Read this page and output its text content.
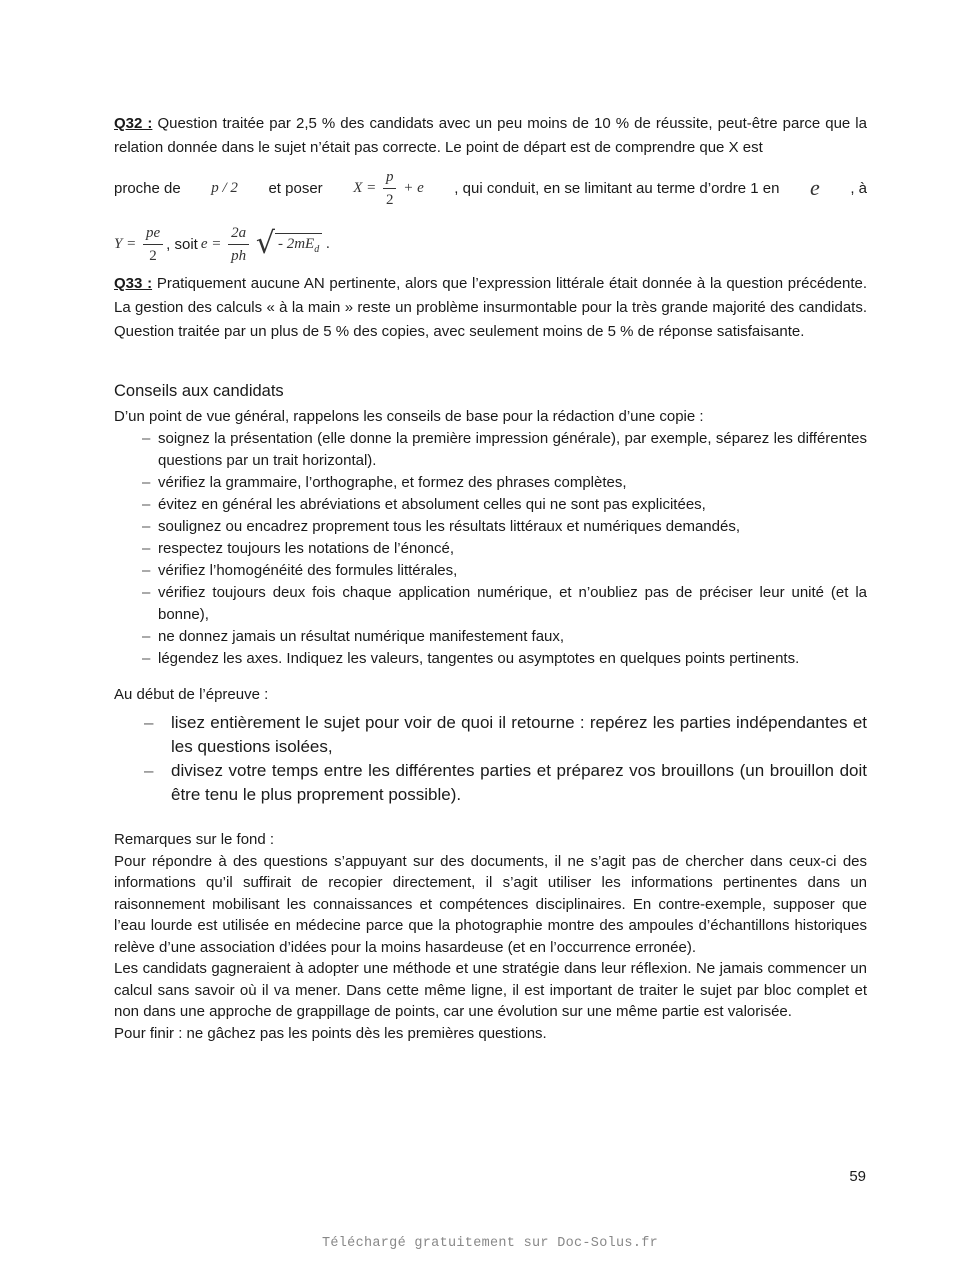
Q32 : Question traitée par 2,5 % des candidats avec un peu moins de 10 % de réussite, peut-être parce que la relation donnée dans le sujet n’était pas correcte. Le point de départ est de comprendre que X est

proche de p / 2 et poser $X = \frac{p}{2} + e$ , qui conduit, en se limitant au terme d’ordre 1 en e , à
$Y = \frac{pe}{2}$ , soit $e = \frac{2a}{ph}$
√ - $2mE_d$ .

Q33 : Pratiquement aucune AN pertinente, alors que l’expression littérale était donnée à la question précédente. La gestion des calculs « à la main » reste un problème insurmontable pour la très grande majorité des candidats. Question traitée par un plus de 5 % des copies, avec seulement moins de 5 % de réponse satisfaisante.

Conseils aux candidats

D’un point de vue général, rappelons les conseils de base pour la rédaction d’une copie :

– soignez la présentation (elle donne la première impression générale), par exemple, séparez les différentes questions par un trait horizontal).
– vérifiez la grammaire, l’orthographe, et formez des phrases complètes,
– évitez en général les abréviations et absolument celles qui ne sont pas explicitées,
– soulignez ou encadrez proprement tous les résultats littéraux et numériques demandés,
– respectez toujours les notations de l’énoncé,
– vérifiez l’homogénéité des formules littérales,
– vérifiez toujours deux fois chaque application numérique, et n’oubliez pas de préciser leur unité (et la bonne),
– ne donnez jamais un résultat numérique manifestement faux,
– légendez les axes. Indiquez les valeurs, tangentes ou asymptotes en quelques points pertinents.

Au début de l’épreuve :

– lisez entièrement le sujet pour voir de quoi il retourne : repérez les parties indépendantes et les questions isolées,
– divisez votre temps entre les différentes parties et préparez vos brouillons (un brouillon doit être tenu le plus proprement possible).

Remarques sur le fond :

Pour répondre à des questions s’appuyant sur des documents, il ne s’agit pas de chercher dans ceux-ci des informations qu’il suffirait de recopier directement, il s’agit utiliser les informations pertinentes dans un raisonnement mobilisant les connaissances et compétences disciplinaires. En contre-exemple, supposer que l’eau lourde est utilisée en médecine parce que la photographie montre des ampoules d’échantillons historiques relève d’une association d’idées pour la moins hasardeuse (et en l’occurrence erronée).

Les candidats gagneraient à adopter une méthode et une stratégie dans leur réflexion. Ne jamais commencer un calcul sans savoir où il va mener. Dans cette même ligne, il est important de traiter le sujet par bloc complet et non dans une approche de grappillage de points, car une évolution sur une même partie est valorisée.

Pour finir : ne gâchez pas les points dès les premières questions.

59
Téléchargé gratuitement sur Doc-Solus.fr
